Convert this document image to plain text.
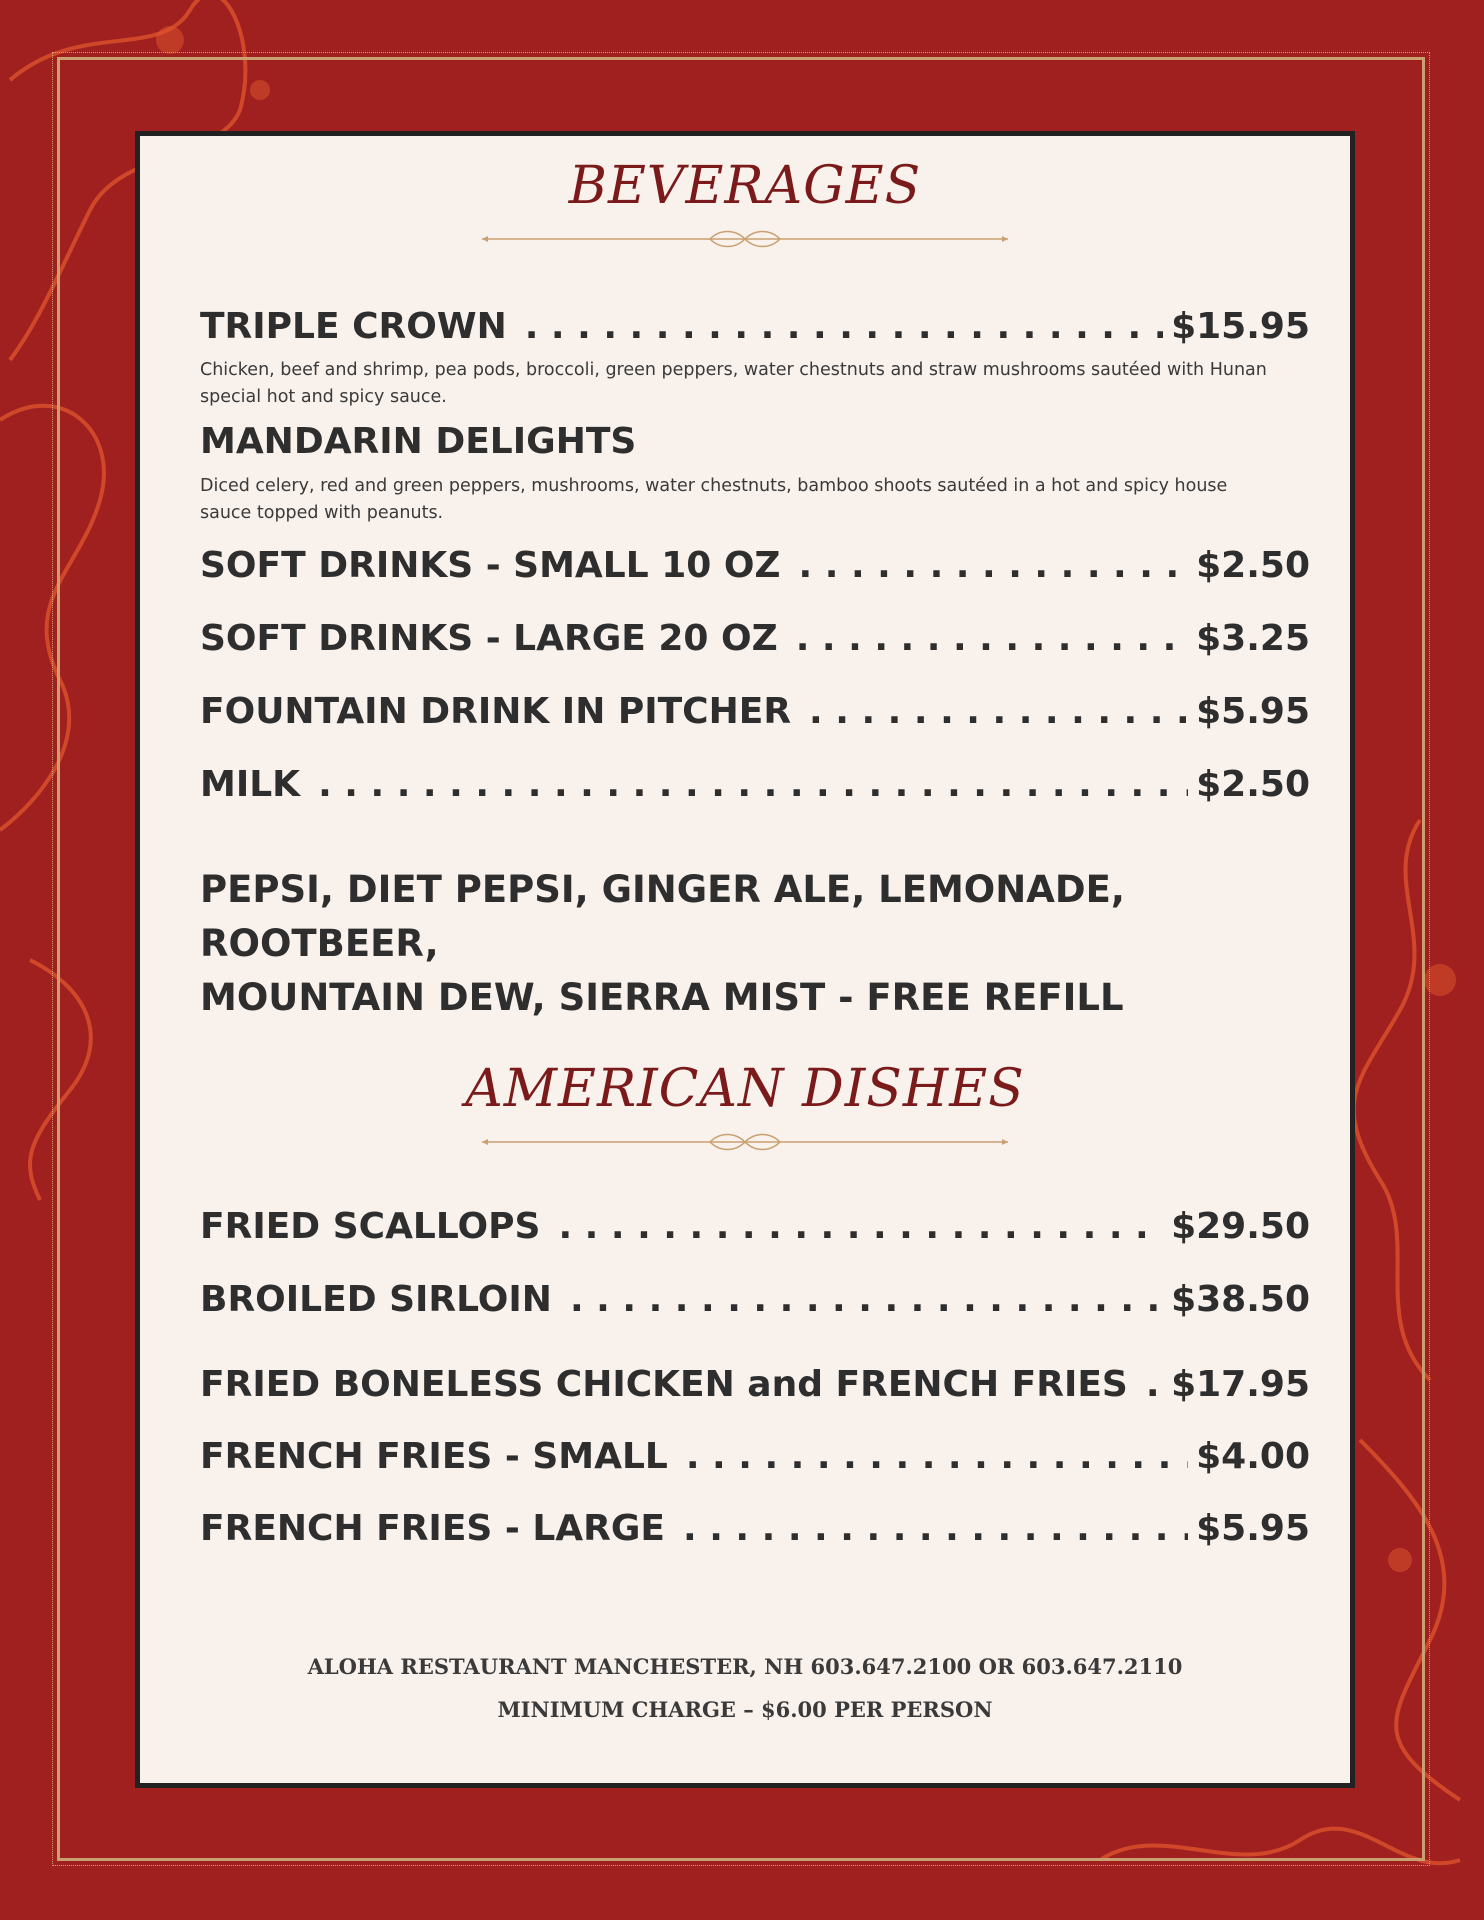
BEVERAGES
TRIPLE CROWN . . .	$15.95
Chicken, beef and shrimp, pea pods, broccoli, green peppers, water chestnuts and straw mushrooms sautéed with Hunan special hot and spicy sauce.
MANDARIN DELIGHTS
Diced celery, red and green peppers, mushrooms, water chestnuts, bamboo shoots sautéed in a hot and spicy house sauce topped with peanuts.
SOFT DRINKS - SMALL 10 OZ . . .	$2.50
SOFT DRINKS - LARGE 20 OZ . . .	$3.25
FOUNTAIN DRINK IN PITCHER . . .	$5.95
MILK . . .	$2.50
PEPSI, DIET PEPSI, GINGER ALE, LEMONADE, ROOTBEER,
MOUNTAIN DEW, SIERRA MIST - FREE REFILL
AMERICAN DISHES
FRIED SCALLOPS . . .	$29.50
BROILED SIRLOIN . . .	$38.50
FRIED BONELESS CHICKEN and FRENCH FRIES . . . $17.95
FRENCH FRIES - SMALL . . .	$4.00
FRENCH FRIES - LARGE . . .	$5.95
ALOHA RESTAURANT MANCHESTER, NH 603.647.2100 OR 603.647.2110
MINIMUM CHARGE – $6.00 PER PERSON
